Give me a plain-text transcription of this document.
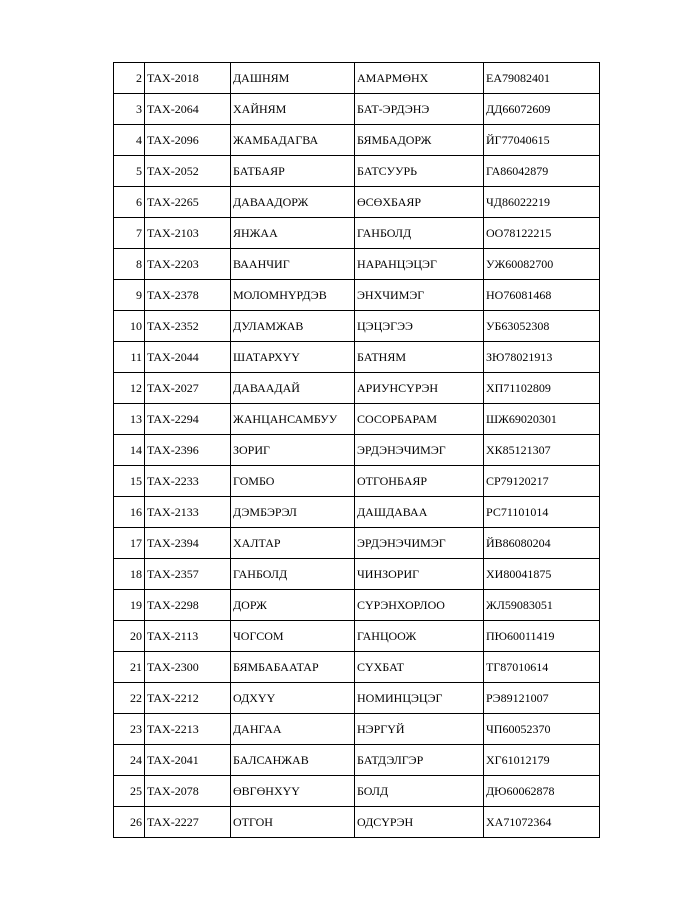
2	TAX-2018	ДАШНЯМ	АМАРМӨНХ	ЕА79082401
3	TAX-2064	ХАЙНЯМ	БАТ-ЭРДЭНЭ	ДД66072609
4	TAX-2096	ЖАМБАДАГВА	БЯМБАДОРЖ	ЙГ77040615
5	TAX-2052	БАТБАЯР	БАТСУУРЬ	ГА86042879
6	TAX-2265	ДАВААДОРЖ	ӨСӨХБАЯР	ЧД86022219
7	TAX-2103	ЯНЖАА	ГАНБОЛД	ОО78122215
8	TAX-2203	ВААНЧИГ	НАРАНЦЭЦЭГ	УЖ60082700
9	TAX-2378	МОЛОМНҮРДЭВ	ЭНХЧИМЭГ	НО76081468
10	TAX-2352	ДУЛАМЖАВ	ЦЭЦЭГЭЭ	УБ63052308
11	TAX-2044	ШАТАРХҮҮ	БАТНЯМ	ЗЮ78021913
12	TAX-2027	ДАВААДАЙ	АРИУНСҮРЭН	ХП71102809
13	TAX-2294	ЖАНЦАНСАМБУУ	СОСОРБАРАМ	ШЖ69020301
14	TAX-2396	ЗОРИГ	ЭРДЭНЭЧИМЭГ	ХК85121307
15	TAX-2233	ГОМБО	ОТГОНБАЯР	СР79120217
16	TAX-2133	ДЭМБЭРЭЛ	ДАШДАВАА	РС71101014
17	TAX-2394	ХАЛТАР	ЭРДЭНЭЧИМЭГ	ЙВ86080204
18	TAX-2357	ГАНБОЛД	ЧИНЗОРИГ	ХИ80041875
19	TAX-2298	ДОРЖ	СҮРЭНХОРЛОО	ЖЛ59083051
20	TAX-2113	ЧОГСОМ	ГАНЦООЖ	ПЮ60011419
21	TAX-2300	БЯМБАБААТАР	СҮХБАТ	ТГ87010614
22	TAX-2212	ОДХҮҮ	НОМИНЦЭЦЭГ	РЭ89121007
23	TAX-2213	ДАНГАА	НЭРГҮЙ	ЧП60052370
24	TAX-2041	БАЛСАНЖАВ	БАТДЭЛГЭР	ХГ61012179
25	TAX-2078	ӨВГӨНХҮҮ	БОЛД	ДЮ60062878
26	TAX-2227	ОТГОН	ОДСҮРЭН	ХА71072364
